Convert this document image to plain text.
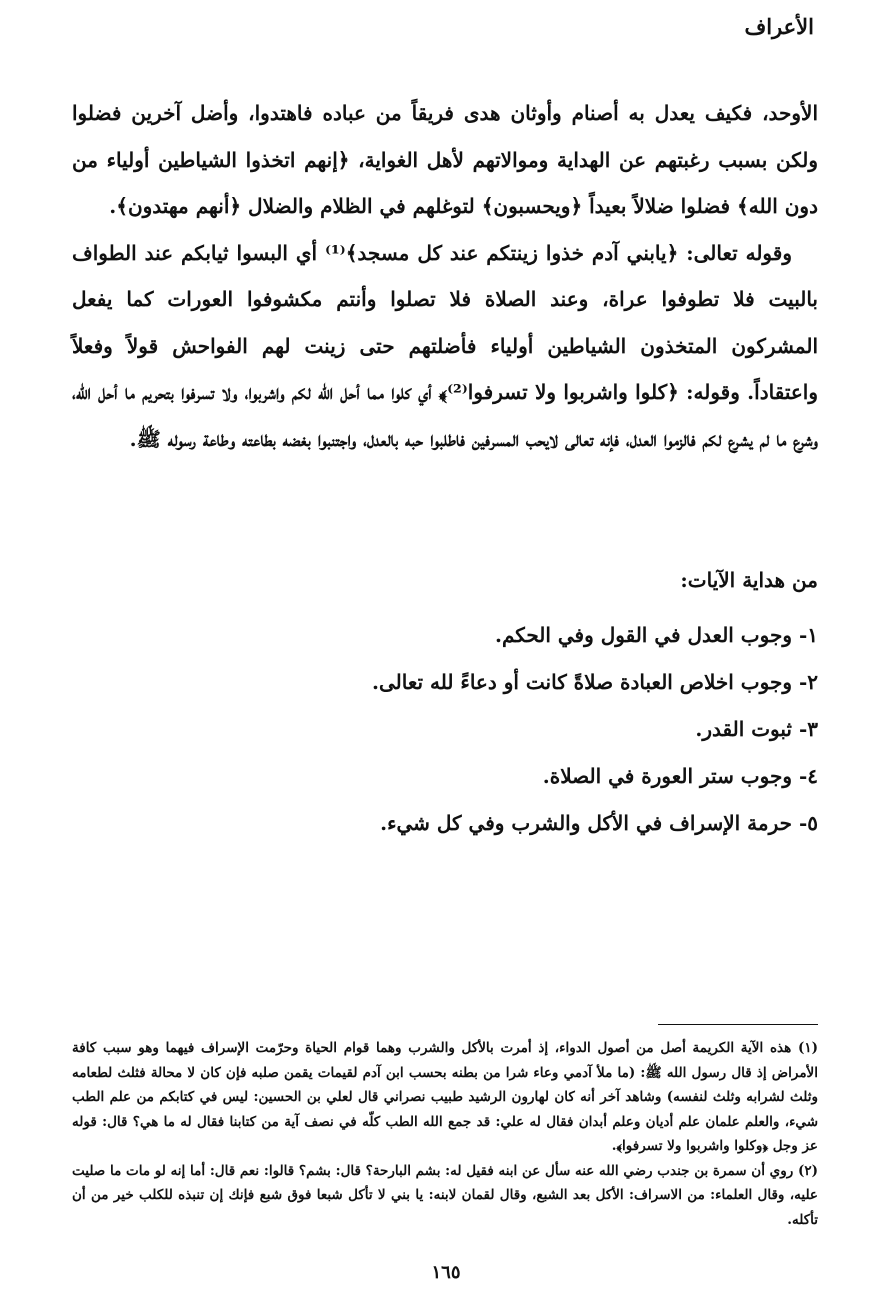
الأعراف

الأوحد، فكيف يعدل به أصنام وأوثان هدى فريقاً من عباده فاهتدوا، وأضل آخرين فضلوا ولكن بسبب رغبتهم عن الهداية وموالاتهم لأهل الغواية، ﴿إنهم اتخذوا الشياطين أولياء من دون الله﴾ فضلوا ضلالاً بعيداً ﴿ويحسبون﴾ لتوغلهم في الظلام والضلال ﴿أنهم مهتدون﴾.

وقوله تعالى: ﴿يابني آدم خذوا زينتكم عند كل مسجد﴾⁽¹⁾ أي البسوا ثيابكم عند الطواف بالبيت فلا تطوفوا عراة، وعند الصلاة فلا تصلوا وأنتم مكشوفوا العورات كما يفعل المشركون المتخذون الشياطين أولياء فأضلتهم حتى زينت لهم الفواحش قولاً وفعلاً واعتقاداً. وقوله: ﴿كلوا واشربوا ولا تسرفوا⁽²⁾﴾ أي كلوا مما أحل الله لكم واشربوا، ولا تسرفوا بتحريم ما أحل الله، وشرع ما لم يشرع لكم فالزموا العدل، فإنه تعالى لايحب المسرفين فاطلبوا حبه بالعدل، واجتنبوا بغضه بطاعته وطاعة رسوله ﷺ.

من هداية الآيات:
١- وجوب العدل في القول وفي الحكم.
٢- وجوب اخلاص العبادة صلاةً كانت أو دعاءً لله تعالى.
٣- ثبوت القدر.
٤- وجوب ستر العورة في الصلاة.
٥- حرمة الإسراف في الأكل والشرب وفي كل شيء.

(١) هذه الآية الكريمة أصل من أصول الدواء، إذ أمرت بالأكل والشرب وهما قوام الحياة وحرّمت الإسراف فيهما وهو سبب كافة الأمراض إذ قال رسول الله ﷺ: (ما ملأ آدمي وعاء شرا من بطنه بحسب ابن آدم لقيمات يقمن صلبه فإن كان لا محالة فثلث لطعامه وثلث لشرابه وثلث لنفسه) وشاهد آخر أنه كان لهارون الرشيد طبيب نصراني قال لعلي بن الحسين: ليس في كتابكم من علم الطب شيء، والعلم علمان علم أديان وعلم أبدان فقال له علي: قد جمع الله الطب كلّه في نصف آية من كتابنا فقال له ما هي؟ قال: قوله عز وجل ﴿وكلوا واشربوا ولا تسرفوا﴾.

(٢) روي أن سمرة بن جندب رضي الله عنه سأل عن ابنه فقيل له: بشم البارحة؟ قال: بشم؟ قالوا: نعم قال: أما إنه لو مات ما صليت عليه، وقال العلماء: من الاسراف: الأكل بعد الشبع، وقال لقمان لابنه: يا بني لا تأكل شبعا فوق شبع فإنك إن تنبذه للكلب خير من أن تأكله.

١٦٥
